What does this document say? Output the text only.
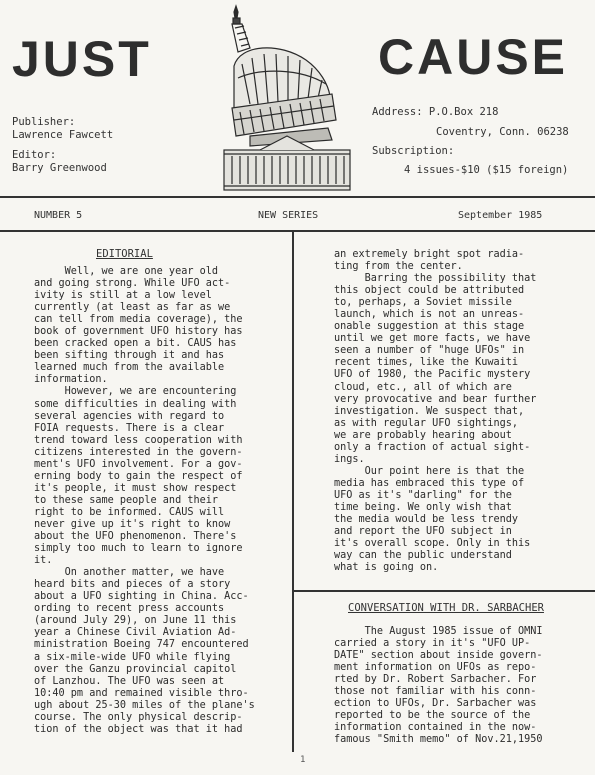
JUST	CAUSE
Publisher:
Lawrence Fawcett
Editor:
Barry Greenwood
Address: P.O.Box 218
Coventry, Conn. 06238
Subscription:
4 issues-$10 ($15 foreign)
NUMBER 5	NEW SERIES	September 1985
EDITORIAL
Well, we are one year old
and going strong. While UFO act-
ivity is still at a low level
currently (at least as far as we
can tell from media coverage), the
book of government UFO history has
been cracked open a bit. CAUS has
been sifting through it and has
learned much from the available
information.
However, we are encountering
some difficulties in dealing with
several agencies with regard to
FOIA requests. There is a clear
trend toward less cooperation with
citizens interested in the govern-
ment's UFO involvement. For a gov-
erning body to gain the respect of
it's people, it must show respect
to these same people and their
right to be informed. CAUS will
never give up it's right to know
about the UFO phenomenon. There's
simply too much to learn to ignore
it.
On another matter, we have
heard bits and pieces of a story
about a UFO sighting in China. Acc-
ording to recent press accounts
(around July 29), on June 11 this
year a Chinese Civil Aviation Ad-
ministration Boeing 747 encountered
a six-mile-wide UFO while flying
over the Ganzu provincial capitol
of Lanzhou. The UFO was seen at
10:40 pm and remained visible thro-
ugh about 25-30 miles of the plane's
course. The only physical descrip-
tion of the object was that it had
an extremely bright spot radia-
ting from the center.
Barring the possibility that
this object could be attributed
to, perhaps, a Soviet missile
launch, which is not an unreas-
onable suggestion at this stage
until we get more facts, we have
seen a number of "huge UFOs" in
recent times, like the Kuwaiti
UFO of 1980, the Pacific mystery
cloud, etc., all of which are
very provocative and bear further
investigation. We suspect that,
as with regular UFO sightings,
we are probably hearing about
only a fraction of actual sight-
ings.
Our point here is that the
media has embraced this type of
UFO as it's "darling" for the
time being. We only wish that
the media would be less trendy
and report the UFO subject in
it's overall scope. Only in this
way can the public understand
what is going on.
CONVERSATION WITH DR. SARBACHER
The August 1985 issue of OMNI
carried a story in it's "UFO UP-
DATE" section about inside govern-
ment information on UFOs as repo-
rted by Dr. Robert Sarbacher. For
those not familiar with his conn-
ection to UFOs, Dr. Sarbacher was
reported to be the source of the
information contained in the now-
famous "Smith memo" of Nov.21,1950
1
